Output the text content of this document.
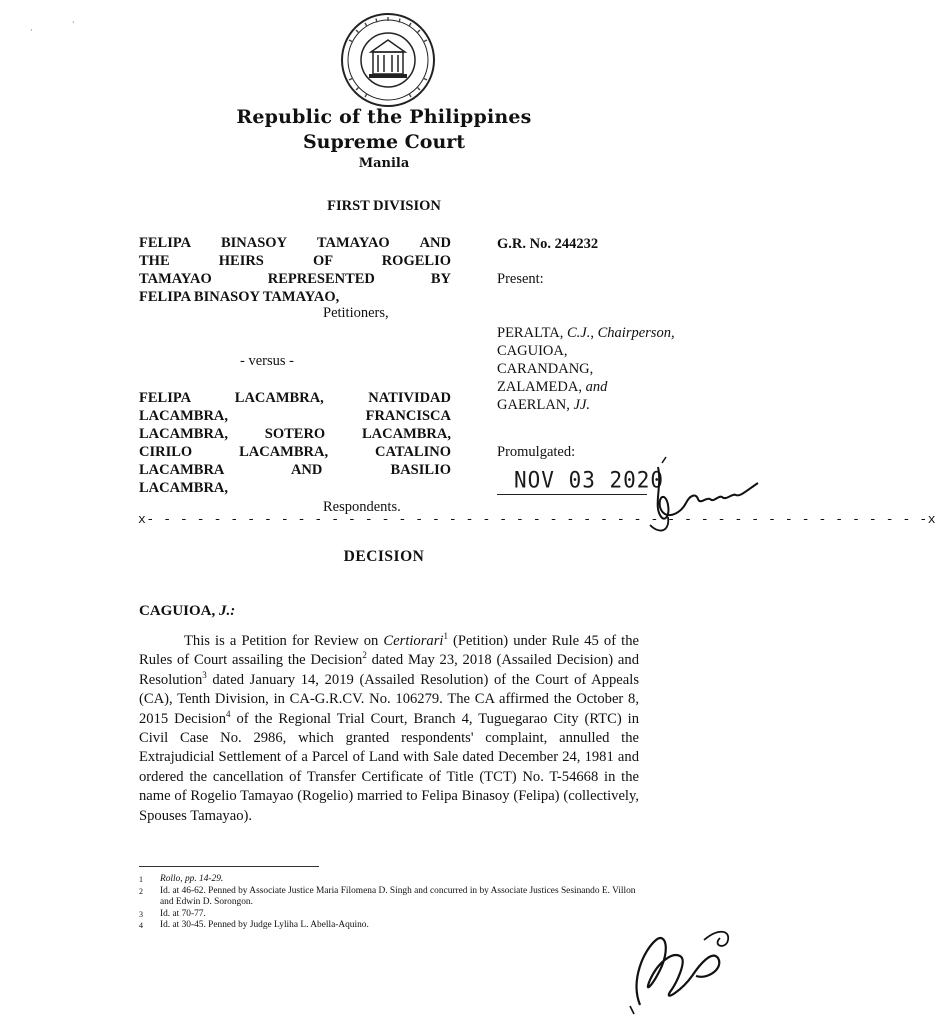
Republic of the Philippines
Supreme Court
Manila
FIRST DIVISION
FELIPA BINASOY TAMAYAO AND
THE HEIRS OF ROGELIO
TAMAYAO REPRESENTED BY
FELIPA BINASOY TAMAYAO,
Petitioners,
- versus -
FELIPA LACAMBRA, NATIVIDAD
LACAMBRA, FRANCISCA
LACAMBRA, SOTERO LACAMBRA,
CIRILO LACAMBRA, CATALINO
LACAMBRA AND BASILIO
LACAMBRA,
Respondents.
G.R. No. 244232
Present:
PERALTA, C.J., Chairperson,
CAGUIOA,
CARANDANG,
ZALAMEDA, and
GAERLAN, JJ.
Promulgated:
NOV 03 2020
x- - - - - - - - - - - - - - - - - - - - - - - - - - - - - - - - - - - - - - - - - - - - - - -x
DECISION
CAGUIOA, J.:
This is a Petition for Review on Certiorari$^1$ (Petition) under Rule 45 of the Rules of Court assailing the Decision$^2$ dated May 23, 2018 (Assailed Decision) and Resolution$^3$ dated January 14, 2019 (Assailed Resolution) of the Court of Appeals (CA), Tenth Division, in CA-G.R.CV. No. 106279. The CA affirmed the October 8, 2015 Decision$^4$ of the Regional Trial Court, Branch 4, Tuguegarao City (RTC) in Civil Case No. 2986, which granted respondents' complaint, annulled the Extrajudicial Settlement of a Parcel of Land with Sale dated December 24, 1981 and ordered the cancellation of Transfer Certificate of Title (TCT) No. T-54668 in the name of Rogelio Tamayao (Rogelio) married to Felipa Binasoy (Felipa) (collectively, Spouses Tamayao).
1	Rollo, pp. 14-29.
2	Id. at 46-62. Penned by Associate Justice Maria Filomena D. Singh and concurred in by Associate Justices Sesinando E. Villon and Edwin D. Sorongon.
3	Id. at 70-77.
4	Id. at 30-45. Penned by Judge Lyliha L. Abella-Aquino.
·
·
